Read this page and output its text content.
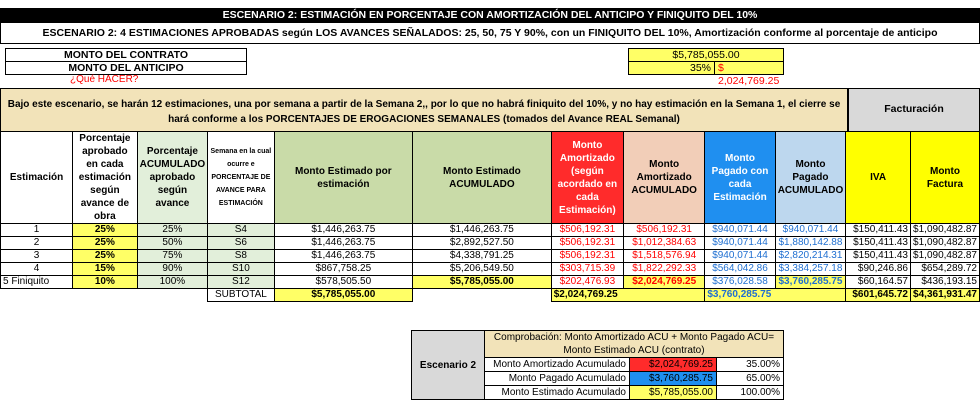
ESCENARIO 2: ESTIMACIÓN EN PORCENTAJE CON AMORTIZACIÓN DEL ANTICIPO Y FINIQUITO DEL 10%
ESCENARIO 2: 4 ESTIMACIONES APROBADAS según LOS AVANCES SEÑALADOS: 25, 50, 75 Y 90%, con un FINIQUITO DEL 10%, Amortización conforme al porcentaje de anticipo
MONTO DEL CONTRATO	$5,785,055.00
MONTO DEL ANTICIPO	35% $ 2,024,769.25
¿Qué HACER?
Bajo este escenario, se harán 12 estimaciones, una por semana a partir de la Semana 2,, por lo que no habrá finiquito del 10%, y no hay estimación en la Semana 1, el cierre se hará conforme a los PORCENTAJES DE EROGACIONES SEMANALES (tomados del Avance REAL Semanal)
Facturación
Estimación	Porcentaje aprobado en cada estimación según avance de obra	Porcentaje ACUMULADO aprobado según avance	Semana en la cual ocurre e PORCENTAJE DE AVANCE PARA ESTIMACIÓN	Monto Estimado por estimación	Monto Estimado ACUMULADO	Monto Amortizado (según acordado en cada Estimación)	Monto Amortizado ACUMULADO	Monto Pagado con cada Estimación	Monto Pagado ACUMULADO	IVA	Monto Factura
1	25%	25%	S4	$1,446,263.75	$1,446,263.75	$506,192.31	$506,192.31	$940,071.44	$940,071.44	$150,411.43	$1,090,482.87
2	25%	50%	S6	$1,446,263.75	$2,892,527.50	$506,192.31	$1,012,384.63	$940,071.44	$1,880,142.88	$150,411.43	$1,090,482.87
3	25%	75%	S8	$1,446,263.75	$4,338,791.25	$506,192.31	$1,518,576.94	$940,071.44	$2,820,214.31	$150,411.43	$1,090,482.87
4	15%	90%	S10	$867,758.25	$5,206,549.50	$303,715.39	$1,822,292.33	$564,042.86	$3,384,257.18	$90,246.86	$654,289.72
5 Finiquito	10%	100%	S12	$578,505.50	$5,785,055.00	$202,476.93	$2,024,769.25	$376,028.58	$3,760,285.75	$60,164.57	$436,193.15
			SUBTOTAL	$5,785,055.00		$2,024,769.25		$3,760,285.75		$601,645.72	$4,361,931.47
Escenario 2	Comprobación: Monto Amortizado ACU + Monto Pagado ACU= Monto Estimado ACU (contrato)		
	Monto Amortizado Acumulado	$2,024,769.25	35.00%
	Monto Pagado Acumulado	$3,760,285.75	65.00%
	Monto Estimado Acumulado	$5,785,055.00	100.00%
